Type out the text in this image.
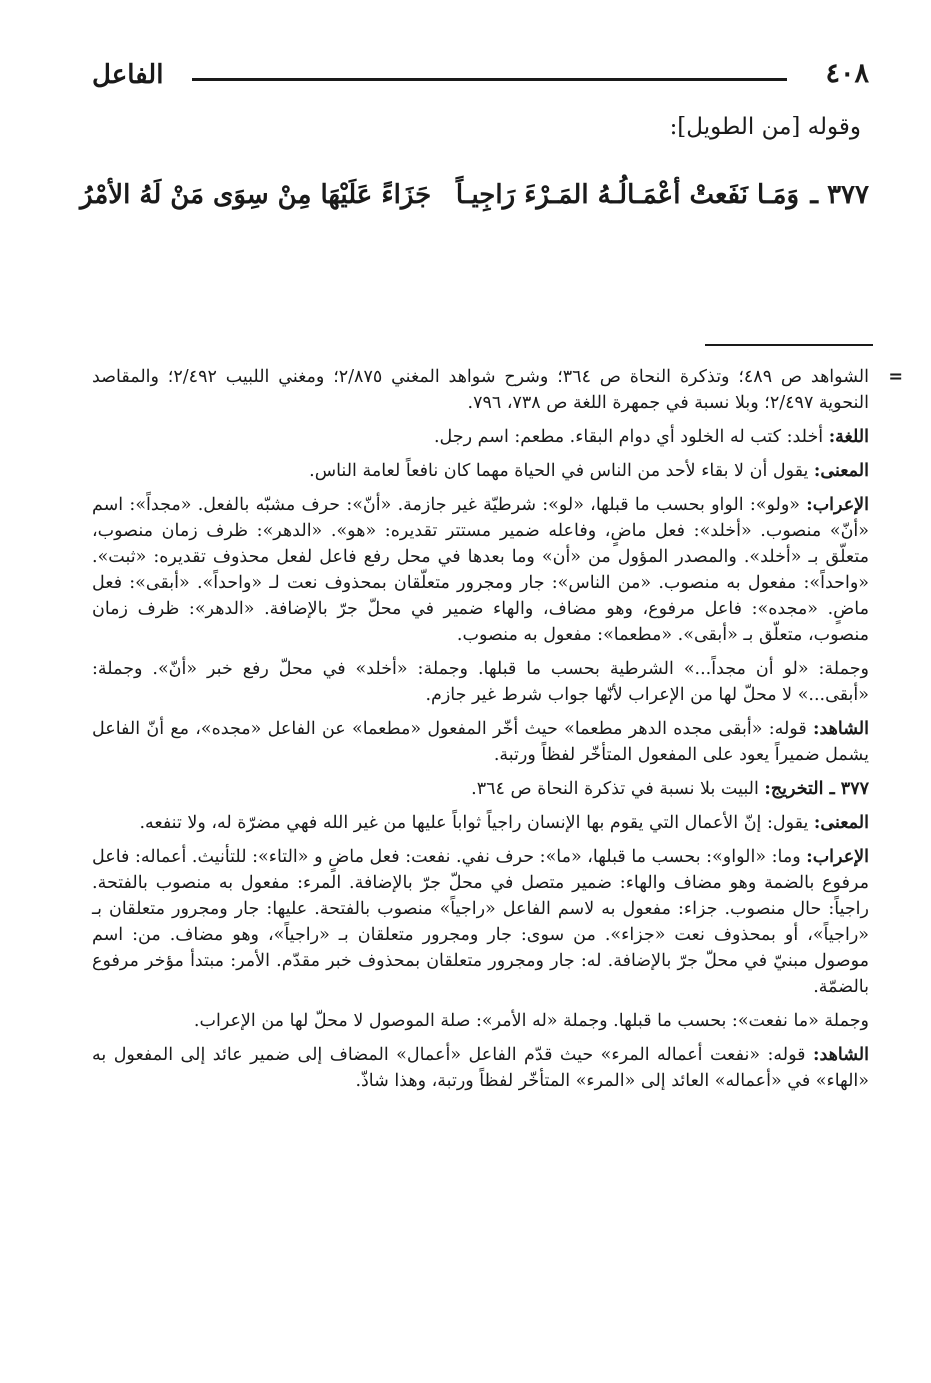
٤٠٨
الفاعل
وقوله [من الطويل]:
٣٧٧ ـ
وَمَـا نَفَعتْ أعْمَـالُـهُ المَـرْءَ رَاجِيـاً
جَزَاءً عَلَيْهَا مِنْ سِوَى مَنْ لَهُ الأمْرُ
=
الشواهد ص ٤٨٩؛ وتذكرة النحاة ص ٣٦٤؛ وشرح شواهد المغني ٢/٨٧٥؛ ومغني اللبيب ٢/٤٩٢؛ والمقاصد النحوية ٢/٤٩٧؛ وبلا نسبة في جمهرة اللغة ص ٧٣٨، ٧٩٦.
اللغة: أخلد: كتب له الخلود أي دوام البقاء. مطعم: اسم رجل.
المعنى: يقول أن لا بقاء لأحد من الناس في الحياة مهما كان نافعاً لعامة الناس.
الإعراب: «ولو»: الواو بحسب ما قبلها، «لو»: شرطيّة غير جازمة. «أنّ»: حرف مشبّه بالفعل. «مجداً»: اسم «أنّ» منصوب. «أخلد»: فعل ماضٍ، وفاعله ضمير مستتر تقديره: «هو». «الدهر»: ظرف زمان منصوب، متعلّق بـ «أخلد». والمصدر المؤول من «أن» وما بعدها في محل رفع فاعل لفعل محذوف تقديره: «ثبت». «واحداً»: مفعول به منصوب. «من الناس»: جار ومجرور متعلّقان بمحذوف نعت لـ «واحداً». «أبقى»: فعل ماضٍ. «مجده»: فاعل مرفوع، وهو مضاف، والهاء ضمير في محلّ جرّ بالإضافة. «الدهر»: ظرف زمان منصوب، متعلّق بـ «أبقى». «مطعما»: مفعول به منصوب.
وجملة: «لو أن مجداً...» الشرطية بحسب ما قبلها. وجملة: «أخلد» في محلّ رفع خبر «أنّ». وجملة: «أبقى...» لا محلّ لها من الإعراب لأنّها جواب شرط غير جازم.
الشاهد: قوله: «أبقى مجده الدهر مطعما» حيث أخّر المفعول «مطعما» عن الفاعل «مجده»، مع أنّ الفاعل يشمل ضميراً يعود على المفعول المتأخّر لفظاً ورتبة.
٣٧٧ ـ التخريج: البيت بلا نسبة في تذكرة النحاة ص ٣٦٤.
المعنى: يقول: إنّ الأعمال التي يقوم بها الإنسان راجياً ثواباً عليها من غير الله فهي مضرّة له، ولا تنفعه.
الإعراب: وما: «الواو»: بحسب ما قبلها، «ما»: حرف نفي. نفعت: فعل ماضٍ و «التاء»: للتأنيث. أعماله: فاعل مرفوع بالضمة وهو مضاف والهاء: ضمير متصل في محلّ جرّ بالإضافة. المرء: مفعول به منصوب بالفتحة. راجياً: حال منصوب. جزاء: مفعول به لاسم الفاعل «راجياً» منصوب بالفتحة. عليها: جار ومجرور متعلقان بـ «راجياً»، أو بمحذوف نعت «جزاء». من سوى: جار ومجرور متعلقان بـ «راجياً»، وهو مضاف. من: اسم موصول مبنيّ في محلّ جرّ بالإضافة. له: جار ومجرور متعلقان بمحذوف خبر مقدّم. الأمر: مبتدأ مؤخر مرفوع بالضمّة.
وجملة «ما نفعت»: بحسب ما قبلها. وجملة «له الأمر»: صلة الموصول لا محلّ لها من الإعراب.
الشاهد: قوله: «نفعت أعماله المرء» حيث قدّم الفاعل «أعمال» المضاف إلى ضمير عائد إلى المفعول به «الهاء» في «أعماله» العائد إلى «المرء» المتأخّر لفظاً ورتبة، وهذا شاذّ.
